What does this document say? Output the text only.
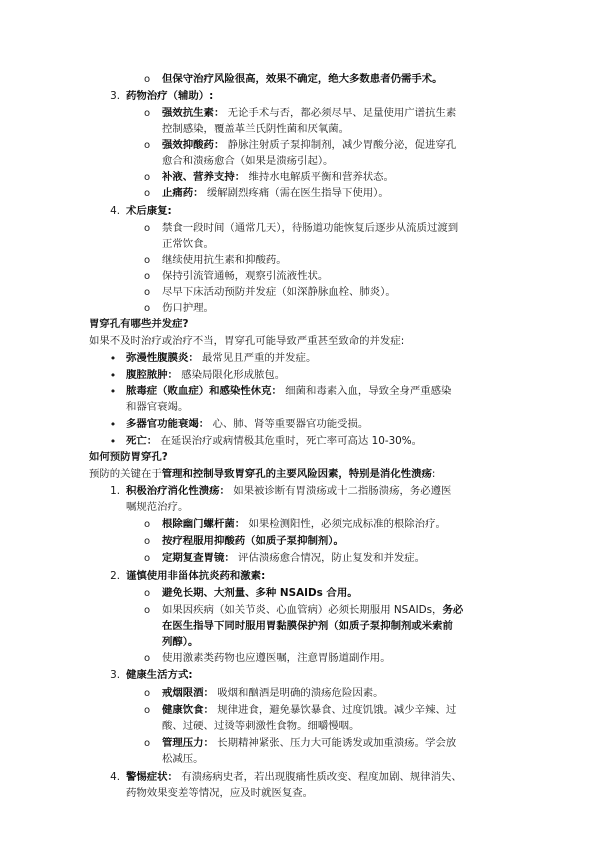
o 但保守治疗风险很高，效果不确定，绝大多数患者仍需手术。
3. 药物治疗（辅助）:
o 强效抗生素： 无论手术与否，都必须尽早、足量使用广谱抗生素
控制感染，覆盖革兰氏阴性菌和厌氧菌。
o 强效抑酸药： 静脉注射质子泵抑制剂，减少胃酸分泌，促进穿孔
愈合和溃疡愈合（如果是溃疡引起）。
o 补液、营养支持： 维持水电解质平衡和营养状态。
o 止痛药： 缓解剧烈疼痛（需在医生指导下使用）。
4. 术后康复:
o 禁食一段时间（通常几天），待肠道功能恢复后逐步从流质过渡到
正常饮食。
o 继续使用抗生素和抑酸药。
o 保持引流管通畅，观察引流液性状。
o 尽早下床活动预防并发症（如深静脉血栓、肺炎）。
o 伤口护理。
胃穿孔有哪些并发症?
如果不及时治疗或治疗不当，胃穿孔可能导致严重甚至致命的并发症:
• 弥漫性腹膜炎： 最常见且严重的并发症。
• 腹腔脓肿： 感染局限化形成脓包。
• 脓毒症（败血症）和感染性休克： 细菌和毒素入血，导致全身严重感染
和器官衰竭。
• 多器官功能衰竭： 心、肺、肾等重要器官功能受损。
• 死亡： 在延误治疗或病情极其危重时，死亡率可高达 10-30%。
如何预防胃穿孔?
预防的关键在于管理和控制导致胃穿孔的主要风险因素，特别是消化性溃疡:
1. 积极治疗消化性溃疡： 如果被诊断有胃溃疡或十二指肠溃疡，务必遵医
嘱规范治疗。
o 根除幽门螺杆菌： 如果检测阳性，必须完成标准的根除治疗。
o 按疗程服用抑酸药（如质子泵抑制剂）。
o 定期复查胃镜： 评估溃疡愈合情况，防止复发和并发症。
2. 谨慎使用非甾体抗炎药和激素:
o 避免长期、大剂量、多种 NSAIDs 合用。
o 如果因疾病（如关节炎、心血管病）必须长期服用 NSAIDs，务必
在医生指导下同时服用胃黏膜保护剂（如质子泵抑制剂或米索前
列醇）。
o 使用激素类药物也应遵医嘱，注意胃肠道副作用。
3. 健康生活方式:
o 戒烟限酒： 吸烟和酗酒是明确的溃疡危险因素。
o 健康饮食： 规律进食，避免暴饮暴食、过度饥饿。减少辛辣、过
酸、过硬、过烫等刺激性食物。细嚼慢咽。
o 管理压力： 长期精神紧张、压力大可能诱发或加重溃疡。学会放
松减压。
4. 警惕症状： 有溃疡病史者，若出现腹痛性质改变、程度加剧、规律消失、
药物效果变差等情况，应及时就医复查。
